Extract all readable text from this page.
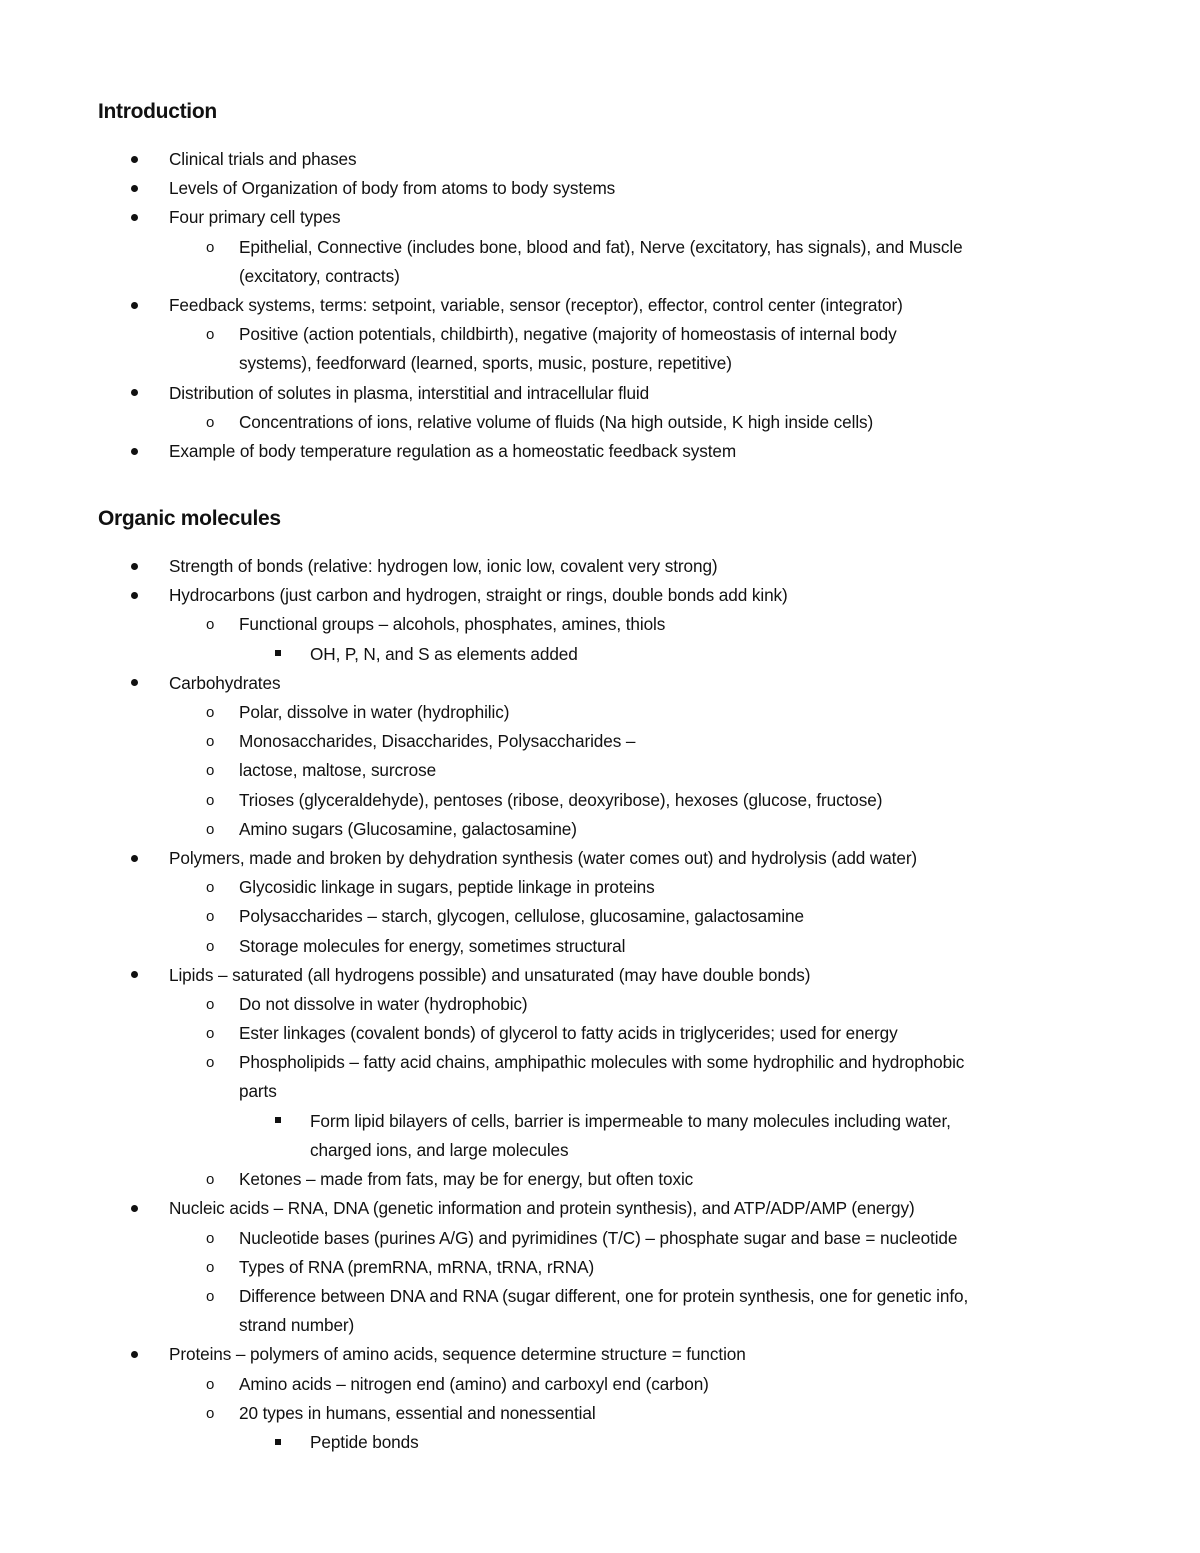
Introduction
Clinical trials and phases
Levels of Organization of body from atoms to body systems
Four primary cell types
o Epithelial, Connective (includes bone, blood and fat), Nerve (excitatory, has signals), and Muscle
(excitatory, contracts)
Feedback systems, terms: setpoint, variable, sensor (receptor), effector, control center (integrator)
o Positive (action potentials, childbirth), negative (majority of homeostasis of internal body
systems), feedforward (learned, sports, music, posture, repetitive)
Distribution of solutes in plasma, interstitial and intracellular fluid
o Concentrations of ions, relative volume of fluids (Na high outside, K high inside cells)
Example of body temperature regulation as a homeostatic feedback system
Organic molecules
Strength of bonds (relative: hydrogen low, ionic low, covalent very strong)
Hydrocarbons (just carbon and hydrogen, straight or rings, double bonds add kink)
o Functional groups – alcohols, phosphates, amines, thiols
OH, P, N, and S as elements added
Carbohydrates
o Polar, dissolve in water (hydrophilic)
o Monosaccharides, Disaccharides, Polysaccharides –
o lactose, maltose, surcrose
o Trioses (glyceraldehyde), pentoses (ribose, deoxyribose), hexoses (glucose, fructose)
o Amino sugars (Glucosamine, galactosamine)
Polymers, made and broken by dehydration synthesis (water comes out) and hydrolysis (add water)
o Glycosidic linkage in sugars, peptide linkage in proteins
o Polysaccharides – starch, glycogen, cellulose, glucosamine, galactosamine
o Storage molecules for energy, sometimes structural
Lipids – saturated (all hydrogens possible) and unsaturated (may have double bonds)
o Do not dissolve in water (hydrophobic)
o Ester linkages (covalent bonds) of glycerol to fatty acids in triglycerides; used for energy
o Phospholipids – fatty acid chains, amphipathic molecules with some hydrophilic and hydrophobic
parts
Form lipid bilayers of cells, barrier is impermeable to many molecules including water,
charged ions, and large molecules
o Ketones – made from fats, may be for energy, but often toxic
Nucleic acids – RNA, DNA (genetic information and protein synthesis), and ATP/ADP/AMP (energy)
o Nucleotide bases (purines A/G) and pyrimidines (T/C) – phosphate sugar and base = nucleotide
o Types of RNA (premRNA, mRNA, tRNA, rRNA)
o Difference between DNA and RNA (sugar different, one for protein synthesis, one for genetic info,
strand number)
Proteins – polymers of amino acids, sequence determine structure = function
o Amino acids – nitrogen end (amino) and carboxyl end (carbon)
o 20 types in humans, essential and nonessential
Peptide bonds
